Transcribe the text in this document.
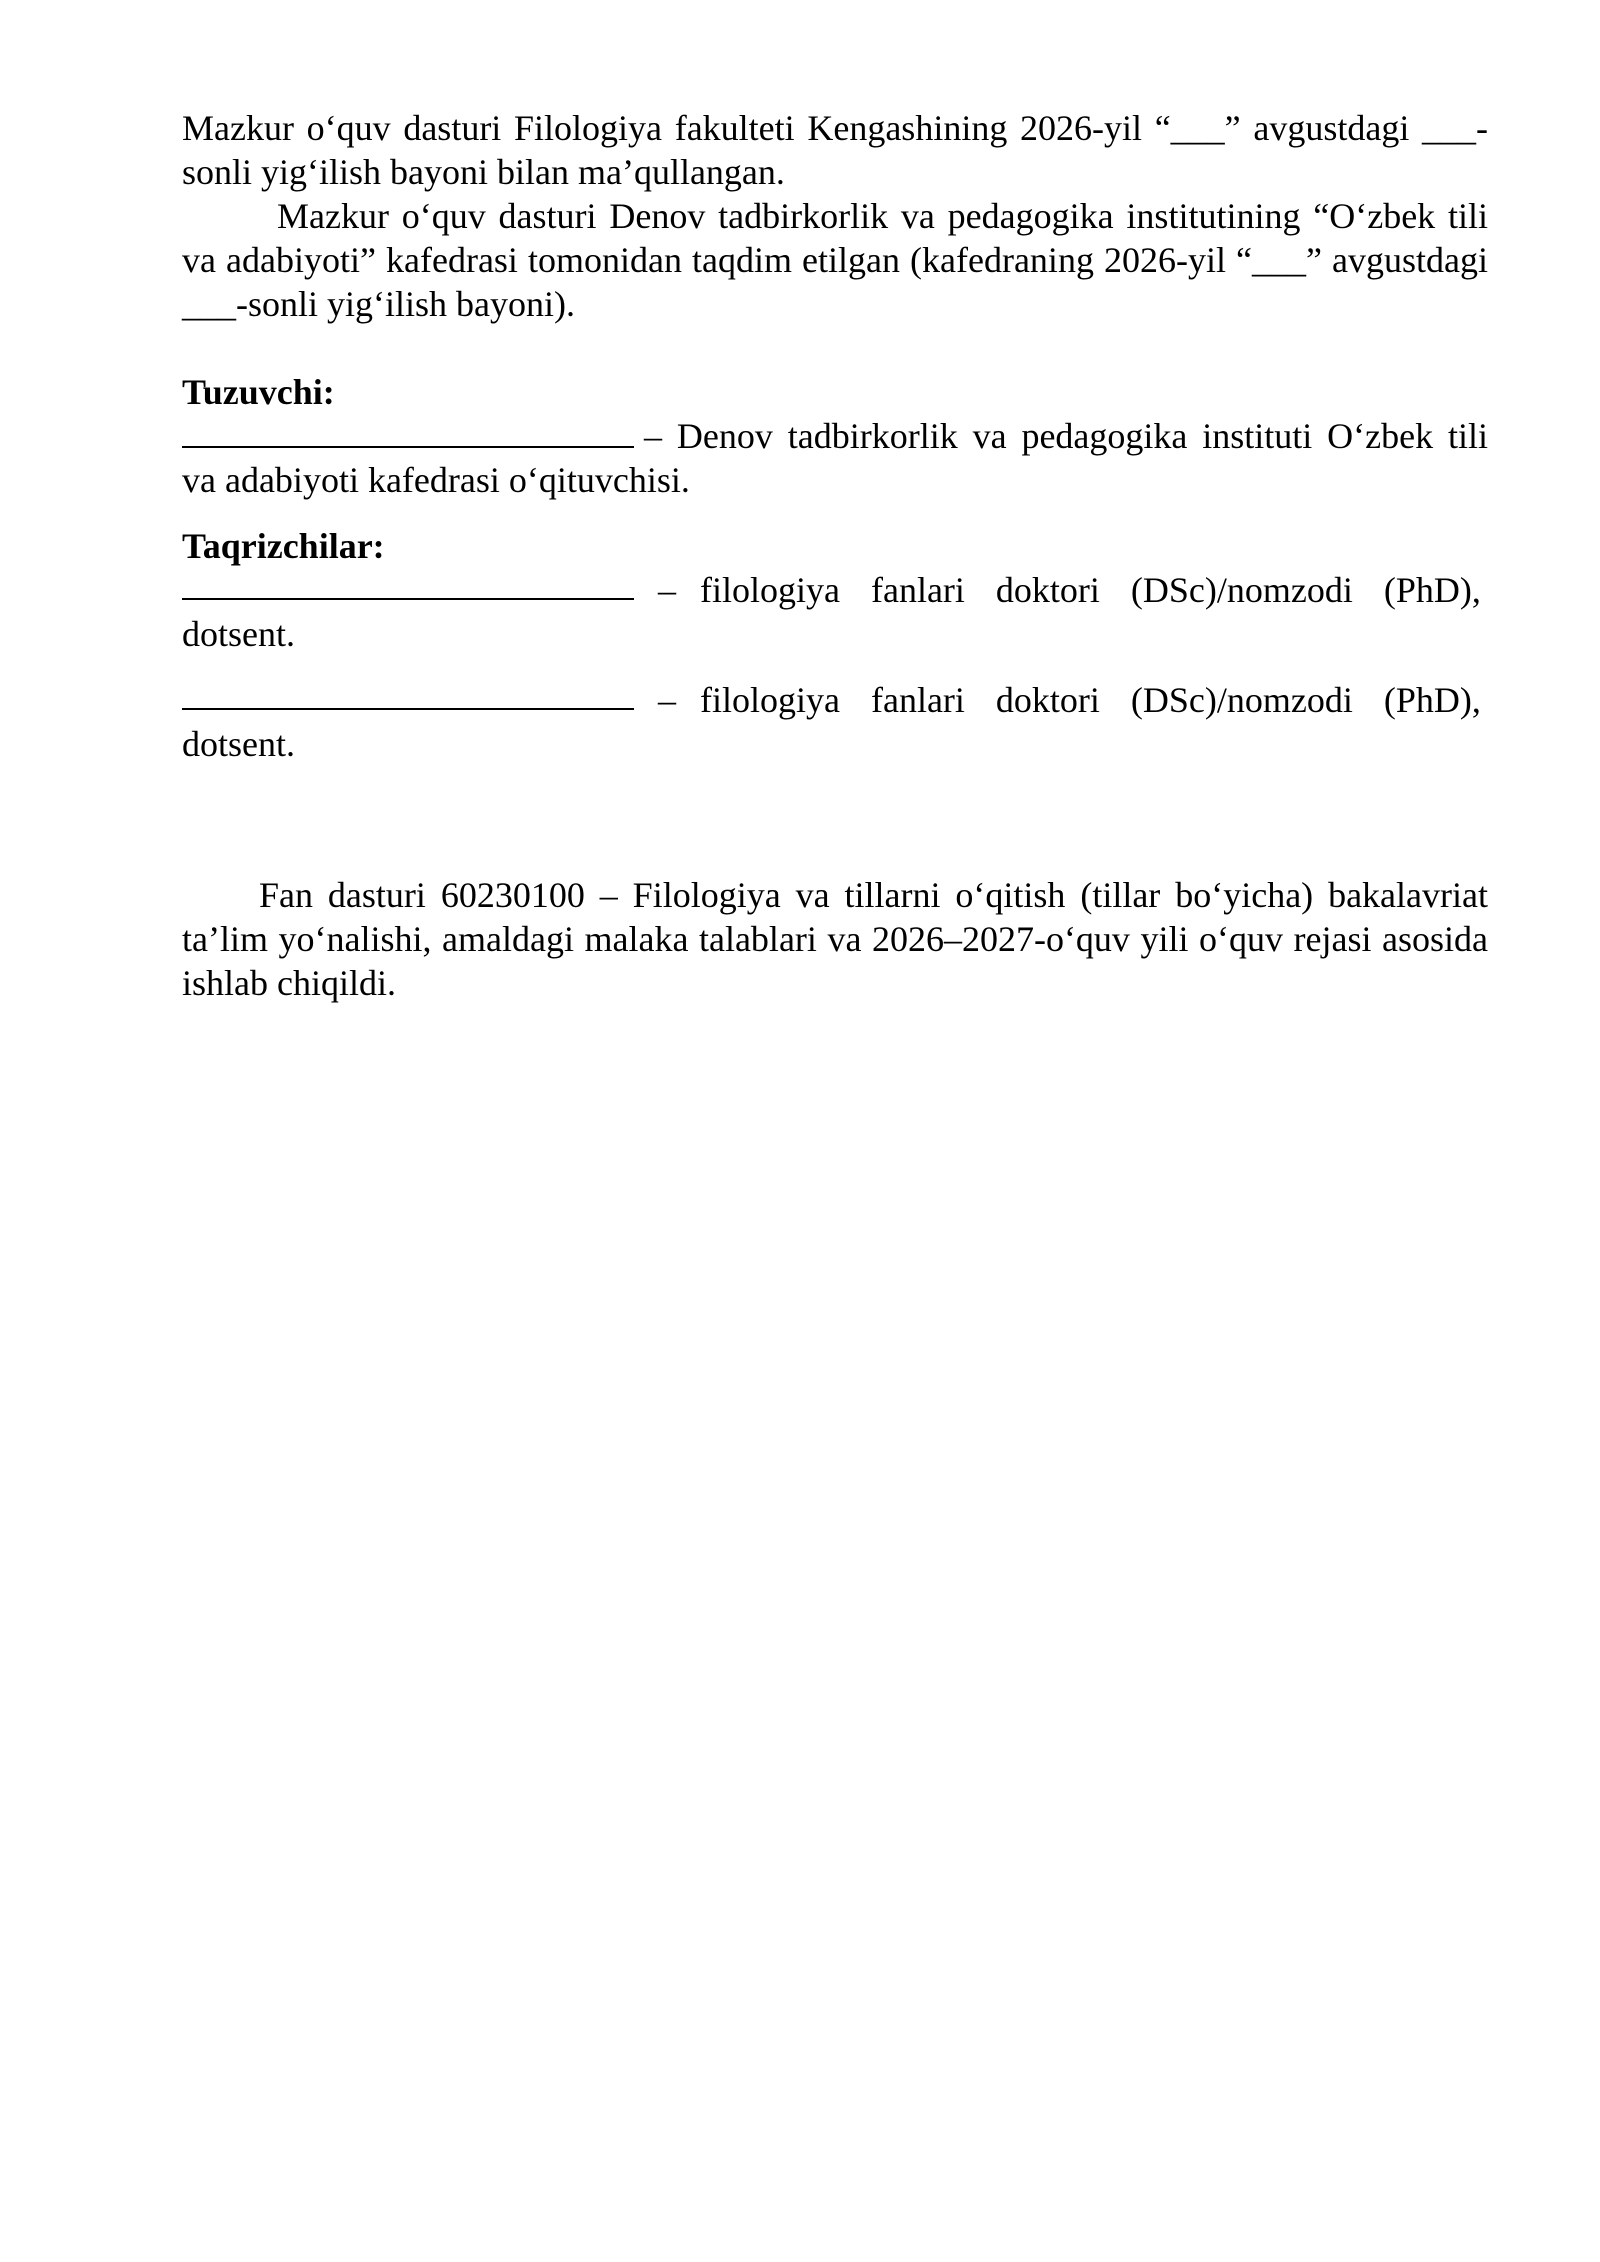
Mazkur o‘quv dasturi Filologiya fakulteti Kengashining 2026-yil “___” avgustdagi ___-sonli yig‘ilish bayoni bilan ma’qullangan.

Mazkur o‘quv dasturi Denov tadbirkorlik va pedagogika institutining “O‘zbek tili va adabiyoti” kafedrasi tomonidan taqdim etilgan (kafedraning 2026-yil “___” avgustdagi ___-sonli yig‘ilish bayoni).

Tuzuvchi:

– Denov tadbirkorlik va pedagogika instituti O‘zbek tili va adabiyoti kafedrasi o‘qituvchisi.

Taqrizchilar:

– filologiya fanlari doktori (DSc)/nomzodi (PhD),

dotsent.

– filologiya fanlari doktori (DSc)/nomzodi (PhD),

dotsent.

Fan dasturi 60230100 – Filologiya va tillarni o‘qitish (tillar bo‘yicha) bakalavriat ta’lim yo‘nalishi, amaldagi malaka talablari va 2026–2027-o‘quv yili o‘quv rejasi asosida ishlab chiqildi.
